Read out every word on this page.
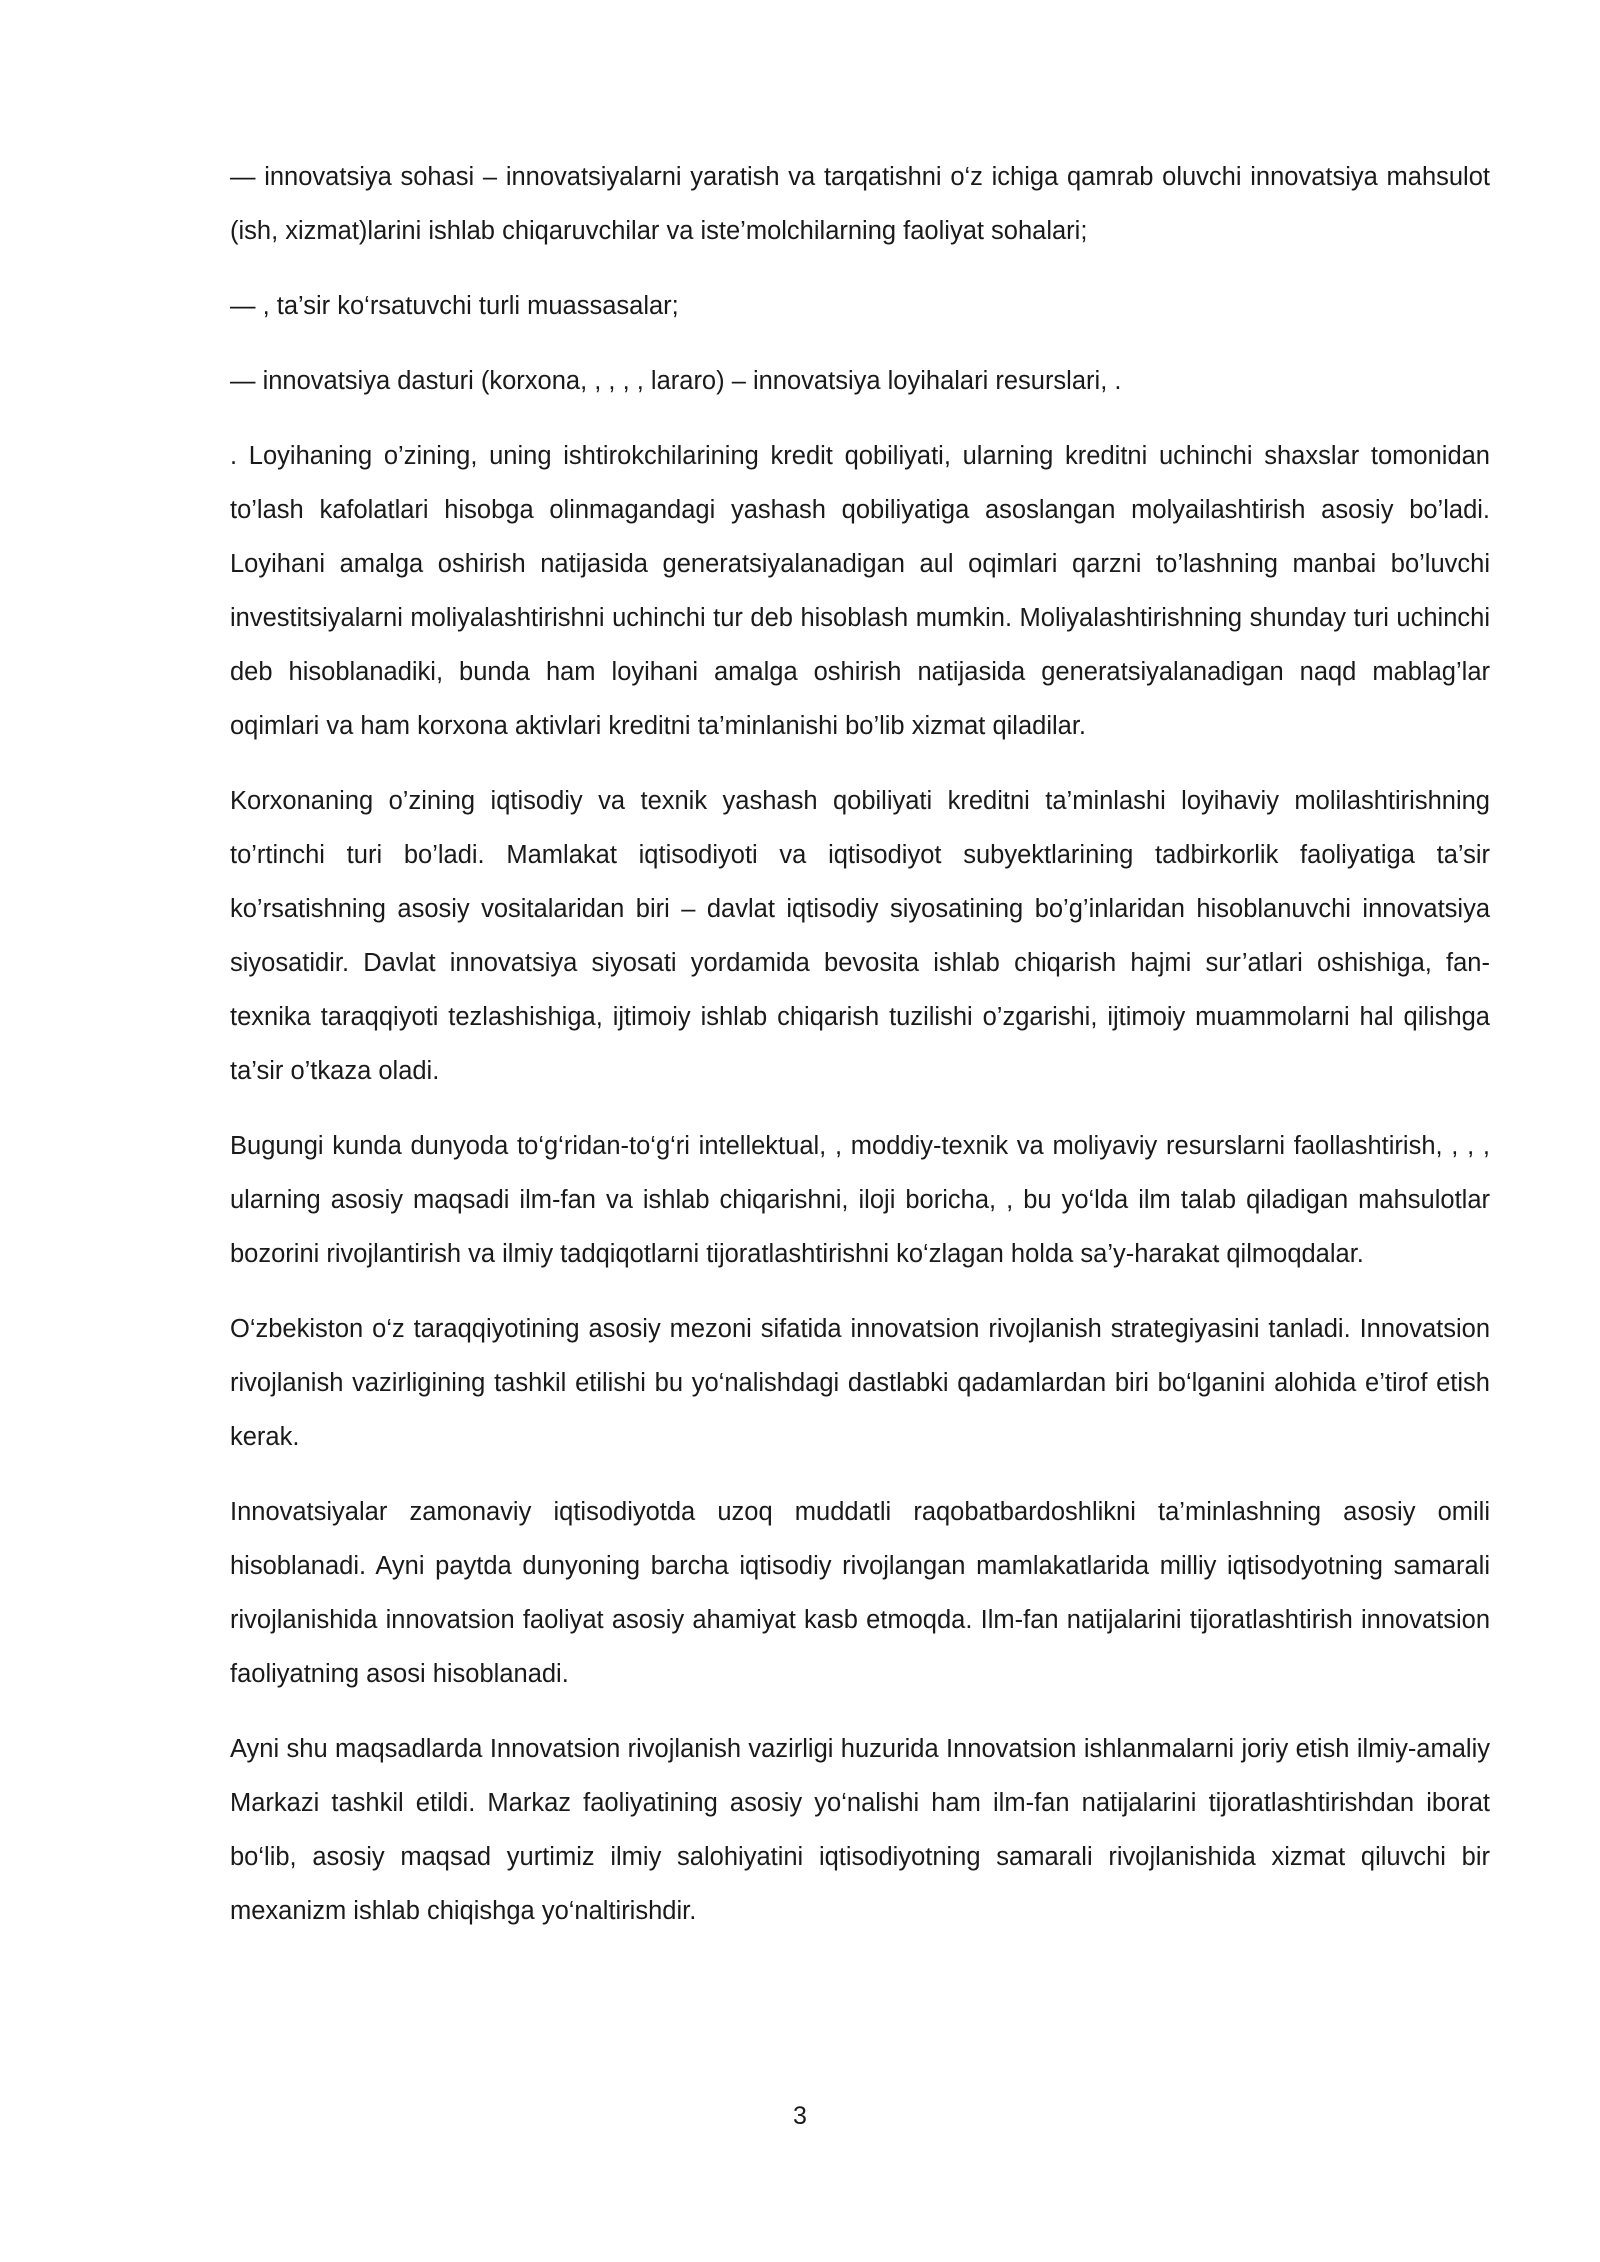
— innovatsiya sohasi – innovatsiyalarni yaratish va tarqatishni o‘z ichiga qamrab oluvchi innovatsiya mahsulot (ish, xizmat)larini ishlab chiqaruvchilar va iste’molchilarning faoliyat sohalari;

— , ta’sir ko‘rsatuvchi turli muassasalar;

— innovatsiya dasturi (korxona, , , , , lararo) – innovatsiya loyihalari resurslari, .

. Loyihaning o’zining, uning ishtirokchilarining kredit qobiliyati, ularning kreditni uchinchi shaxslar tomonidan to’lash kafolatlari hisobga olinmagandagi yashash qobiliyatiga asoslangan molyailashtirish asosiy bo’ladi. Loyihani amalga oshirish natijasida generatsiyalanadigan aul oqimlari qarzni to’lashning manbai bo’luvchi investitsiyalarni moliyalashtirishni uchinchi tur deb hisoblash mumkin. Moliyalashtirishning shunday turi uchinchi deb hisoblanadiki, bunda ham loyihani amalga oshirish natijasida generatsiyalanadigan naqd mablag’lar oqimlari va ham korxona aktivlari kreditni ta’minlanishi bo’lib xizmat qiladilar.

Korxonaning o’zining iqtisodiy va texnik yashash qobiliyati kreditni ta’minlashi loyihaviy molilashtirishning to’rtinchi turi bo’ladi. Mamlakat iqtisodiyoti va iqtisodiyot subyektlarining tadbirkorlik faoliyatiga ta’sir ko’rsatishning asosiy vositalaridan biri – davlat iqtisodiy siyosatining bo’g’inlaridan hisoblanuvchi innovatsiya siyosatidir. Davlat innovatsiya siyosati yordamida bevosita ishlab chiqarish hajmi sur’atlari oshishiga, fan-texnika taraqqiyoti tezlashishiga, ijtimoiy ishlab chiqarish tuzilishi o’zgarishi, ijtimoiy muammolarni hal qilishga ta’sir o’tkaza oladi.

Bugungi kunda dunyoda to‘g‘ridan-to‘g‘ri intellektual, , moddiy-texnik va moliyaviy resurslarni faollashtirish, , , , ularning asosiy maqsadi ilm-fan va ishlab chiqarishni, iloji boricha, , bu yo‘lda ilm talab qiladigan mahsulotlar bozorini rivojlantirish va ilmiy tadqiqotlarni tijoratlashtirishni ko‘zlagan holda sa’y-harakat qilmoqdalar.

O‘zbekiston o‘z taraqqiyotining asosiy mezoni sifatida innovatsion rivojlanish strategiyasini tanladi. Innovatsion rivojlanish vazirligining tashkil etilishi bu yo‘nalishdagi dastlabki qadamlardan biri bo‘lganini alohida e’tirof etish kerak.

Innovatsiyalar zamonaviy iqtisodiyotda uzoq muddatli raqobatbardoshlikni ta’minlashning asosiy omili hisoblanadi. Ayni paytda dunyoning barcha iqtisodiy rivojlangan mamlakatlarida milliy iqtisodyotning samarali rivojlanishida innovatsion faoliyat asosiy ahamiyat kasb etmoqda. Ilm-fan natijalarini tijoratlashtirish innovatsion faoliyatning asosi hisoblanadi.

Ayni shu maqsadlarda Innovatsion rivojlanish vazirligi huzurida Innovatsion ishlanmalarni joriy etish ilmiy-amaliy Markazi tashkil etildi. Markaz faoliyatining asosiy yo‘nalishi ham ilm-fan natijalarini tijoratlashtirishdan iborat bo‘lib, asosiy maqsad yurtimiz ilmiy salohiyatini iqtisodiyotning samarali rivojlanishida xizmat qiluvchi bir mexanizm ishlab chiqishga yo‘naltirishdir.

3
